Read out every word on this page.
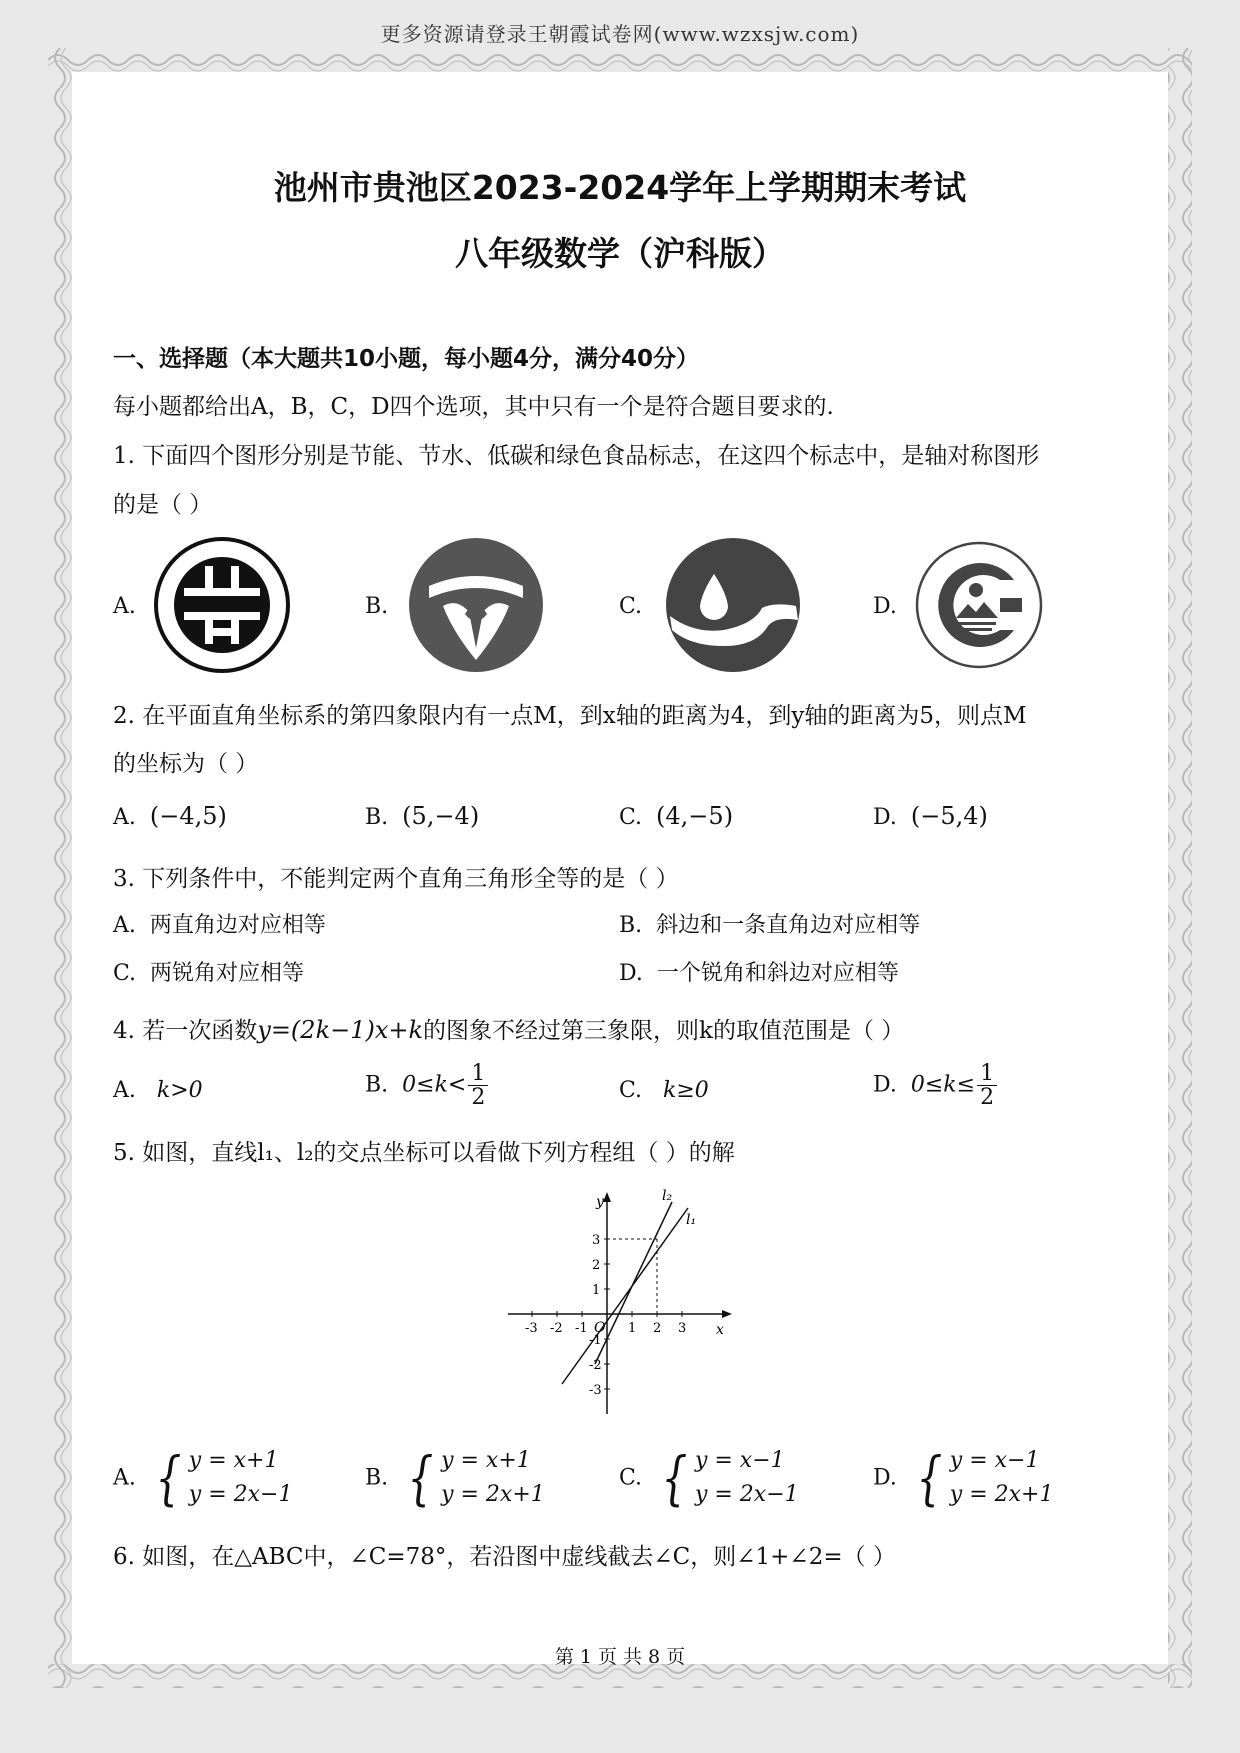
更多资源请登录王朝霞试卷网(www.wzxsjw.com)
池州市贵池区2023-2024学年上学期期末考试
八年级数学（沪科版）
一、选择题（本大题共10小题，每小题4分，满分40分）
每小题都给出A，B，C，D四个选项，其中只有一个是符合题目要求的.
1. 下面四个图形分别是节能、节水、低碳和绿色食品标志，在这四个标志中，是轴对称图形
的是（ ）
A.	B.	C.	D.
2. 在平面直角坐标系的第四象限内有一点M，到x轴的距离为4，到y轴的距离为5，则点M
的坐标为（ ）
A. (−4,5)	B. (5,−4)	C. (4,−5)	D. (−5,4)
3. 下列条件中，不能判定两个直角三角形全等的是（ ）
A. 两直角边对应相等	B. 斜边和一条直角边对应相等
C. 两锐角对应相等	D. 一个锐角和斜边对应相等
4. 若一次函数y=(2k−1)x+k的图象不经过第三象限，则k的取值范围是（ ）
A. k>0	B. $0\le k< \frac{1}{2}$	C. k≥0	D. $0\le k\le \frac{1}{2}$
5. 如图，直线l₁、l₂的交点坐标可以看做下列方程组（ ）的解
y
x
O
l₁
l₂
-3 -2 -1	1 2 3
3
2
1
-1
-2
-3
A. { y = x+1
y = 2x−1
B. { y = x+1
y = 2x+1
C. { y = x−1
y = 2x−1
D. { y = x−1
y = 2x+1
6. 如图，在△ABC中，∠C=78°，若沿图中虚线截去∠C，则∠1+∠2=（ ）
第 1 页 共 8 页
